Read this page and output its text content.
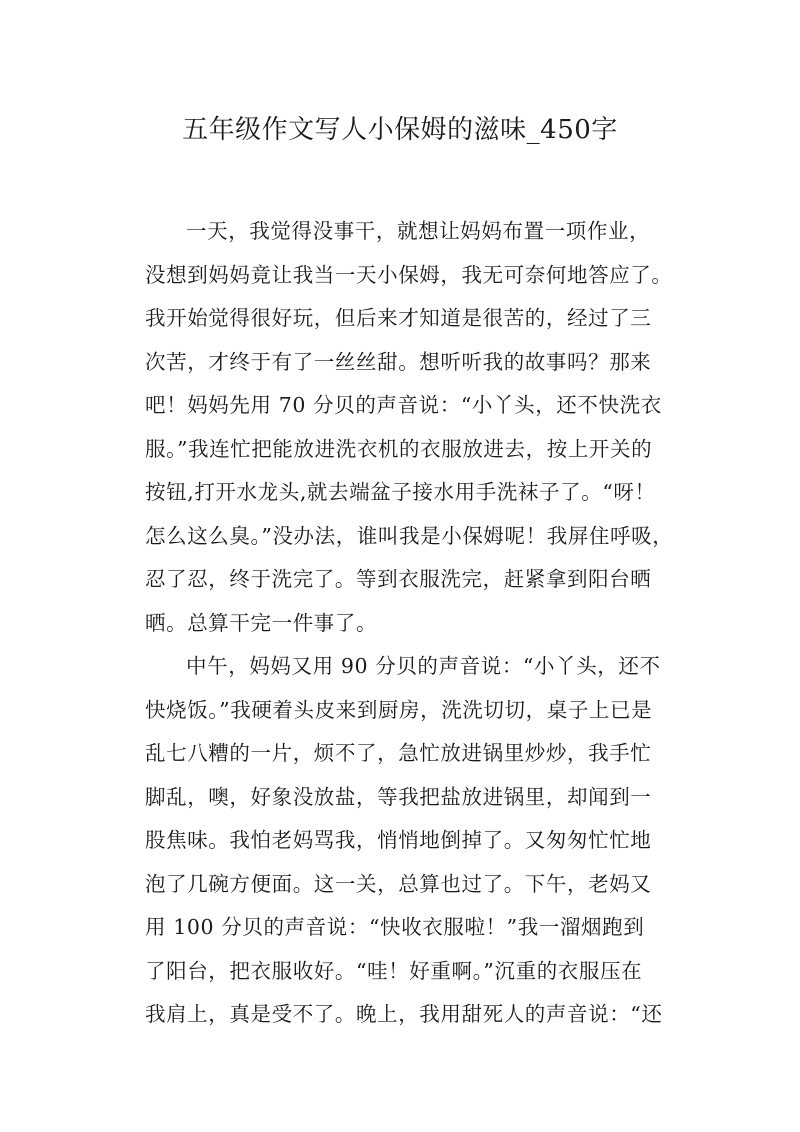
五年级作文写人小保姆的滋味_450字
一天，我觉得没事干，就想让妈妈布置一项作业，
没想到妈妈竟让我当一天小保姆，我无可奈何地答应了。
我开始觉得很好玩，但后来才知道是很苦的，经过了三
次苦，才终于有了一丝丝甜。想听听我的故事吗？那来
吧！妈妈先用 70 分贝的声音说：“小丫头，还不快洗衣
服。”我连忙把能放进洗衣机的衣服放进去，按上开关的
按钮,打开水龙头,就去端盆子接水用手洗袜子了。“呀！
怎么这么臭。”没办法，谁叫我是小保姆呢！我屏住呼吸，
忍了忍，终于洗完了。等到衣服洗完，赶紧拿到阳台晒
晒。总算干完一件事了。
中午，妈妈又用 90 分贝的声音说：“小丫头，还不
快烧饭。”我硬着头皮来到厨房，洗洗切切，桌子上已是
乱七八糟的一片，烦不了，急忙放进锅里炒炒，我手忙
脚乱，噢，好象没放盐，等我把盐放进锅里，却闻到一
股焦味。我怕老妈骂我，悄悄地倒掉了。又匆匆忙忙地
泡了几碗方便面。这一关，总算也过了。下午，老妈又
用 100 分贝的声音说：“快收衣服啦！”我一溜烟跑到
了阳台，把衣服收好。“哇！好重啊。”沉重的衣服压在
我肩上，真是受不了。晚上，我用甜死人的声音说：“还
